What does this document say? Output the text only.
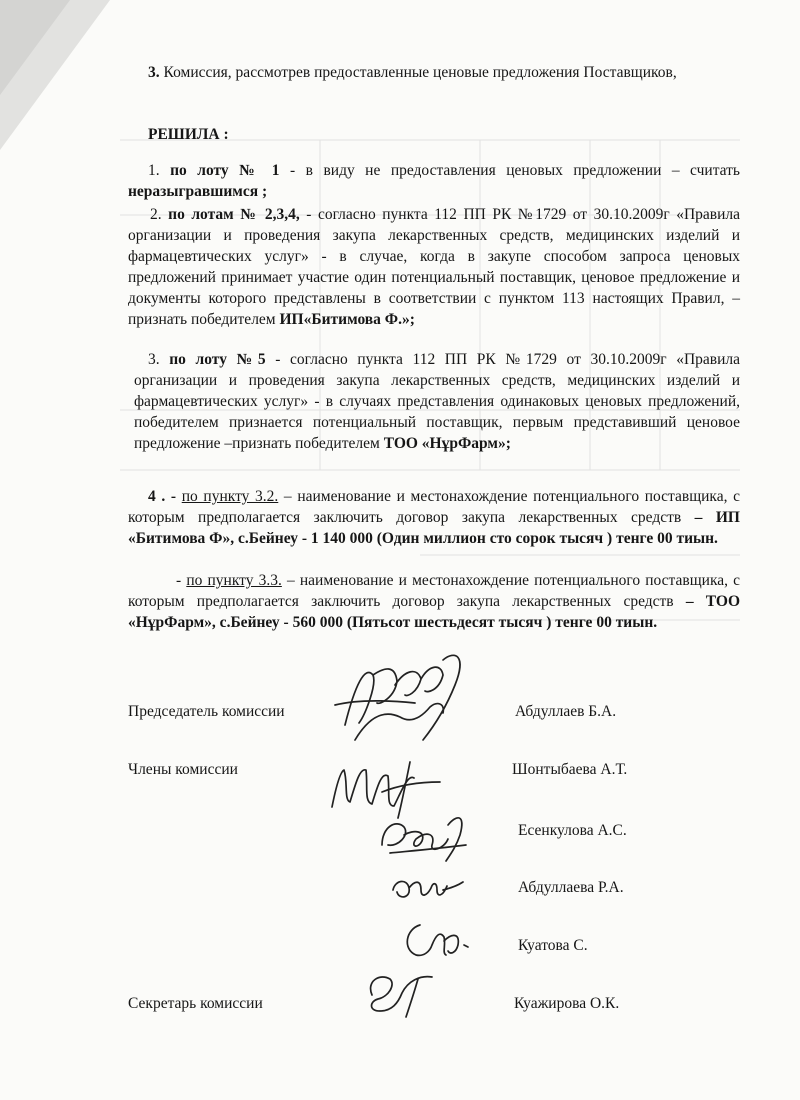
3. Комиссия, рассмотрев предоставленные ценовые предложения Поставщиков,
РЕШИЛА :
1. по лоту № 1 - в виду не предоставления ценовых предложении – считать неразыгравшимся ;
2. по лотам № 2,3,4, - согласно пункта 112 ПП РК №1729 от 30.10.2009г «Правила организации и проведения закупа лекарственных средств, медицинских изделий и фармацевтических услуг» - в случае, когда в закупе способом запроса ценовых предложений принимает участие один потенциальный поставщик, ценовое предложение и документы которого представлены в соответствии с пунктом 113 настоящих Правил, – признать победителем ИП«Битимова Ф.»;
3. по лоту №5 - согласно пункта 112 ПП РК №1729 от 30.10.2009г «Правила организации и проведения закупа лекарственных средств, медицинских изделий и фармацевтических услуг» - в случаях представления одинаковых ценовых предложений, победителем признается потенциальный поставщик, первым представивший ценовое предложение –признать победителем ТОО «НұрФарм»;
4 . - по пункту 3.2. – наименование и местонахождение потенциального поставщика, с которым предполагается заключить договор закупа лекарственных средств – ИП «Битимова Ф», с.Бейнеу - 1 140 000 (Один миллион сто сорок тысяч ) тенге 00 тиын.
- по пункту 3.3. – наименование и местонахождение потенциального поставщика, с которым предполагается заключить договор закупа лекарственных средств – ТОО «НұрФарм», с.Бейнеу - 560 000 (Пятьсот шестьдесят тысяч ) тенге 00 тиын.
Председатель комиссии	Абдуллаев Б.А.
Члены комиссии	Шонтыбаева А.Т.
Есенкулова А.С.
Абдуллаева Р.А.
Куатова С.
Секретарь комиссии	Куажирова О.К.
